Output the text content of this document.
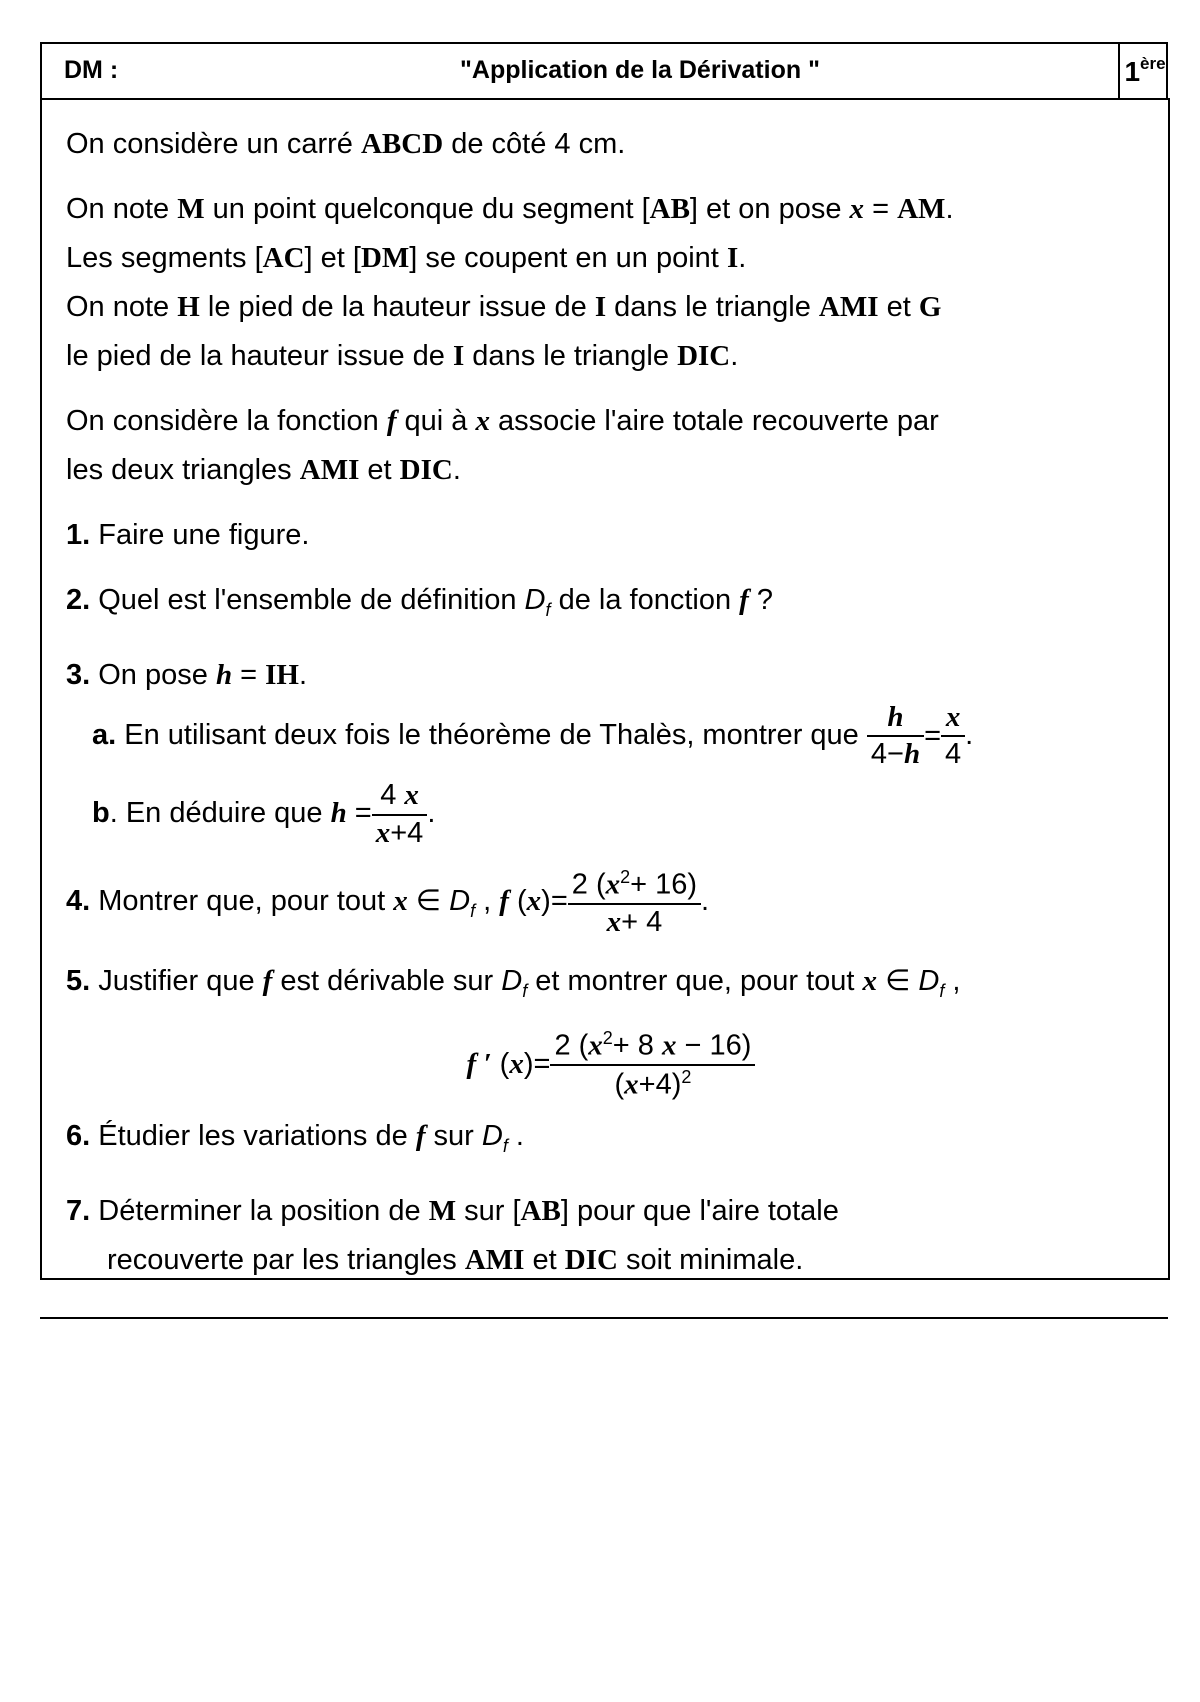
DM :	"Application de la Dérivation "	1ère

On considère un carré ABCD de côté 4 cm.

On note M un point quelconque du segment [AB] et on pose x = AM.

Les segments [AC] et [DM] se coupent en un point I.

On note H le pied de la hauteur issue de I dans le triangle AMI et G

le pied de la hauteur issue de I dans le triangle DIC.

On considère la fonction f qui à x associe l'aire totale recouverte par

les deux triangles AMI et DIC.

1. Faire une figure.

2. Quel est l'ensemble de définition $D_f$ de la fonction f ?

3. On pose h = IH.

a. En utilisant deux fois le théorème de Thalès, montrer que $\frac{h}{4-h} = \frac{x}{4}$ .

b. En déduire que $h = \frac{4 x}{x+4}$ .

4. Montrer que, pour tout x ∈ $D_f$ , f $(x)= \frac{2 (x^2+ 16)}{x+ 4}$ .

5. Justifier que f est dérivable sur $D_f$ et montrer que, pour tout x ∈ $D_f$ ,

f ′ $(x)= \frac{2 (x^2+ 8 x - 16)}{(x+4)^2}$

6. Étudier les variations de f sur $D_f$ .

7. Déterminer la position de M sur [AB] pour que l'aire totale

recouverte par les triangles AMI et DIC soit minimale.
